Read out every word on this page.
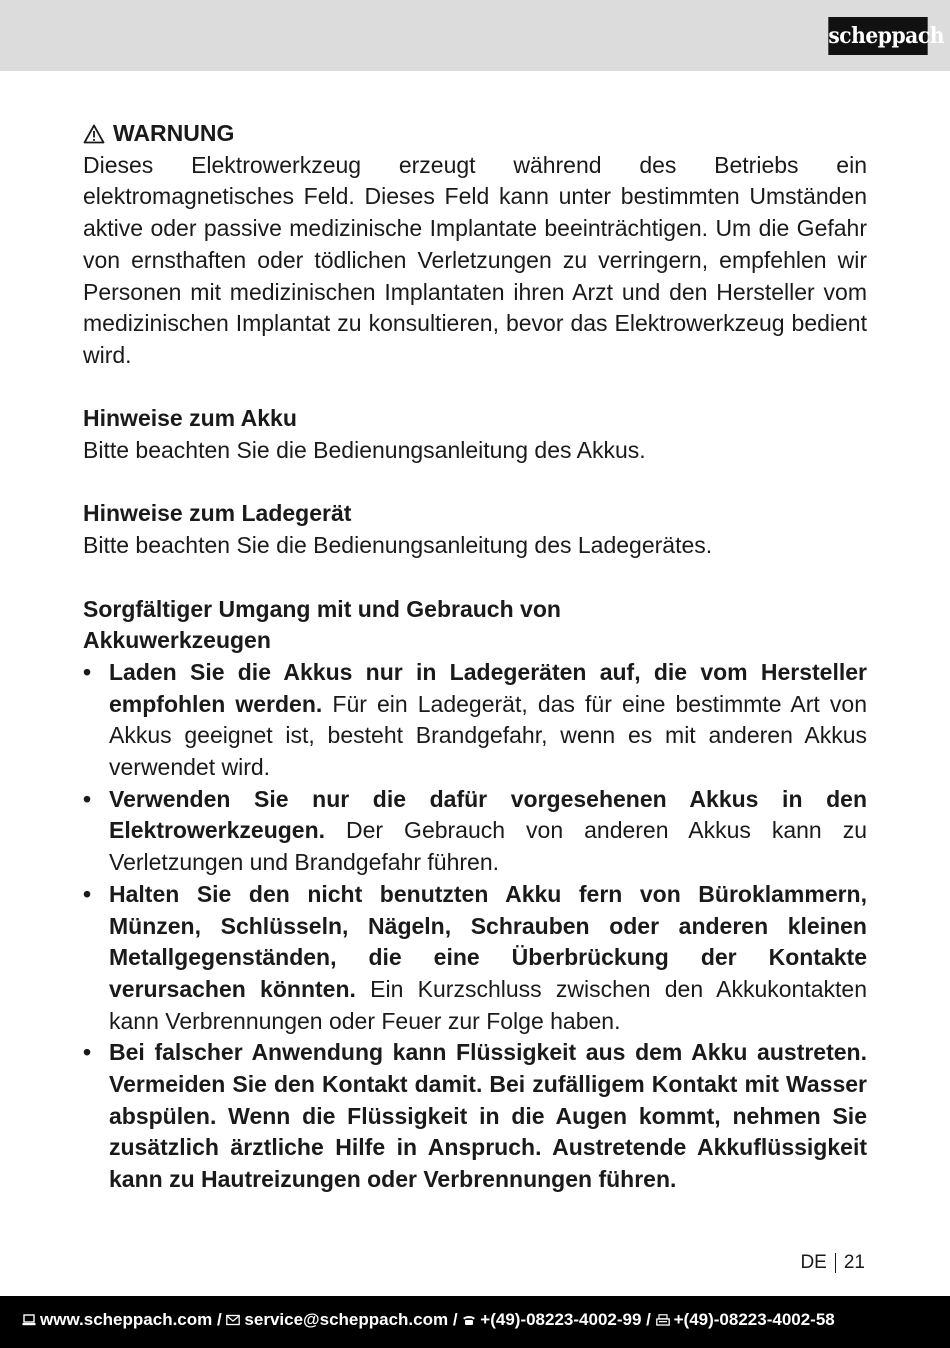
scheppach
WARNUNG

Dieses Elektrowerkzeug erzeugt während des Betriebs ein elektromagnetisches Feld. Dieses Feld kann unter bestimmten Umständen aktive oder passive medizinische Implantate beeinträchtigen. Um die Gefahr von ernsthaften oder tödlichen Verletzungen zu verringern, empfehlen wir Personen mit medizinischen Implantaten ihren Arzt und den Hersteller vom medizinischen Implantat zu konsultieren, bevor das Elektrowerkzeug bedient wird.

Hinweise zum Akku

Bitte beachten Sie die Bedienungsanleitung des Akkus.

Hinweise zum Ladegerät

Bitte beachten Sie die Bedienungsanleitung des Ladegerätes.

Sorgfältiger Umgang mit und Gebrauch von
Akkuwerkzeugen

• Laden Sie die Akkus nur in Ladegeräten auf, die vom Hersteller empfohlen werden. Für ein Ladegerät, das für eine bestimmte Art von Akkus geeignet ist, besteht Brandgefahr, wenn es mit anderen Akkus verwendet wird.
• Verwenden Sie nur die dafür vorgesehenen Akkus in den Elektrowerkzeugen. Der Gebrauch von anderen Akkus kann zu Verletzungen und Brandgefahr führen.
• Halten Sie den nicht benutzten Akku fern von Büroklammern, Münzen, Schlüsseln, Nägeln, Schrauben oder anderen kleinen Metallgegenständen, die eine Überbrückung der Kontakte verursachen könnten. Ein Kurzschluss zwischen den Akkukontakten kann Verbrennungen oder Feuer zur Folge haben.
• Bei falscher Anwendung kann Flüssigkeit aus dem Akku austreten. Vermeiden Sie den Kontakt damit. Bei zufälligem Kontakt mit Wasser abspülen. Wenn die Flüssigkeit in die Augen kommt, nehmen Sie zusätzlich ärztliche Hilfe in Anspruch. Austretende Akkuflüssigkeit kann zu Hautreizungen oder Verbrennungen führen.
DE 21
www.scheppach.com / service@scheppach.com / +(49)-08223-4002-99 / +(49)-08223-4002-58
